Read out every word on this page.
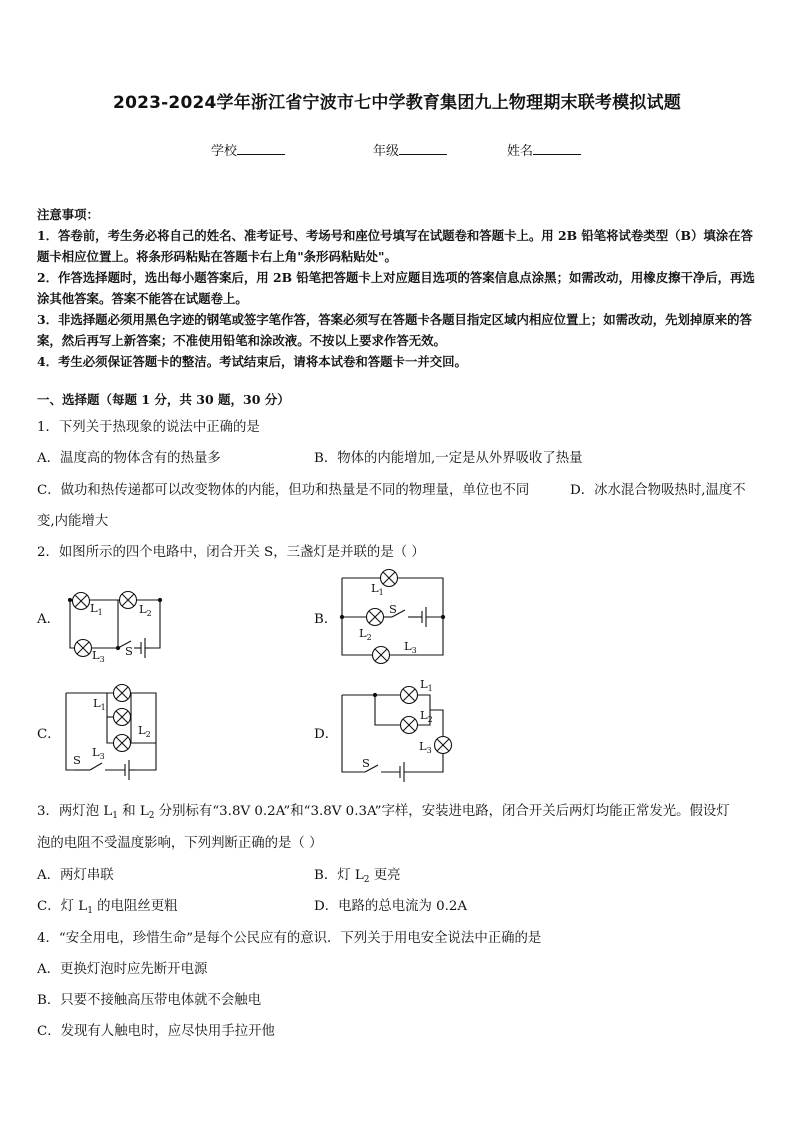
2023-2024学年浙江省宁波市七中学教育集团九上物理期末联考模拟试题
学校	年级	姓名

注意事项：

1．答卷前，考生务必将自己的姓名、准考证号、考场号和座位号填写在试题卷和答题卡上。用 2B 铅笔将试卷类型（B）填涂在答题卡相应位置上。将条形码粘贴在答题卡右上角"条形码粘贴处"。

2．作答选择题时，选出每小题答案后，用 2B 铅笔把答题卡上对应题目选项的答案信息点涂黑；如需改动，用橡皮擦干净后，再选涂其他答案。答案不能答在试题卷上。

3．非选择题必须用黑色字迹的钢笔或签字笔作答，答案必须写在答题卡各题目指定区域内相应位置上；如需改动，先划掉原来的答案，然后再写上新答案；不准使用铅笔和涂改液。不按以上要求作答无效。

4．考生必须保证答题卡的整洁。考试结束后，请将本试卷和答题卡一并交回。

一、选择题（每题 1 分，共 30 题，30 分）
1．下列关于热现象的说法中正确的是
A．温度高的物体含有的热量多	B．物体的内能增加,一定是从外界吸收了热量
C．做功和热传递都可以改变物体的内能，但功和热量是不同的物理量，单位也不同	D．冰水混合物吸热时,温度不
变,内能增大
2．如图所示的四个电路中，闭合开关 S，三盏灯是并联的是（ ）
A．	B．
C．	D．
$L_1$	$L_2$
$L_3$
S
$L_1$
S
$L_2$
$L_3$
$L_1$
$L_2$
$L_3$
S
$L_1$
$L_2$
$L_3$
S
3．两灯泡 $L_1$ 和 $L_2$ 分别标有“3.8V 0.2A”和“3.8V 0.3A”字样，安装进电路，闭合开关后两灯均能正常发光。假设灯
泡的电阻不受温度影响，下列判断正确的是（ ）
A．两灯串联	B．灯 $L_2$ 更亮
C．灯 $L_1$ 的电阻丝更粗	D．电路的总电流为 0.2A
4．“安全用电，珍惜生命”是每个公民应有的意识．下列关于用电安全说法中正确的是
A．更换灯泡时应先断开电源
B．只要不接触高压带电体就不会触电
C．发现有人触电时，应尽快用手拉开他
